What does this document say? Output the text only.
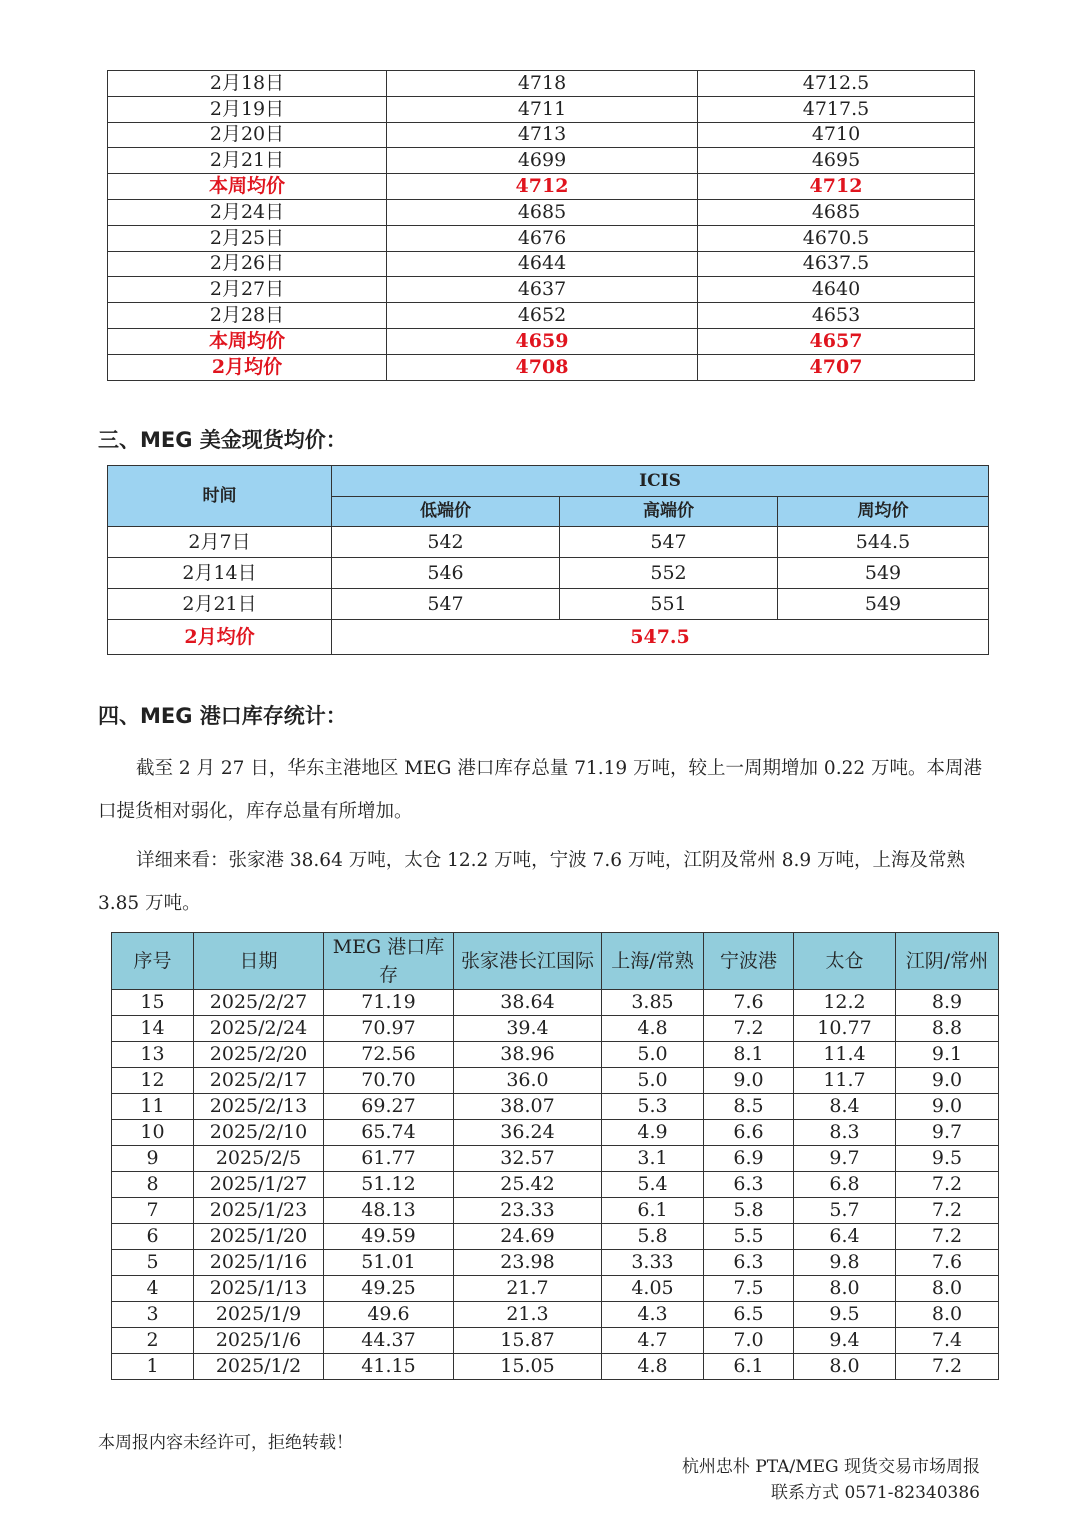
2月18日	4718	4712.5
2月19日	4711	4717.5
2月20日	4713	4710
2月21日	4699	4695
本周均价	4712	4712
2月24日	4685	4685
2月25日	4676	4670.5
2月26日	4644	4637.5
2月27日	4637	4640
2月28日	4652	4653
本周均价	4659	4657
2月均价	4708	4707
三、MEG 美金现货均价：
时间	ICIS		
	低端价	高端价	周均价
2月7日	542	547	544.5
2月14日	546	552	549
2月21日	547	551	549
2月均价	547.5		
四、MEG 港口库存统计：
截至 2 月 27 日，华东主港地区 MEG 港口库存总量 71.19 万吨，较上一周期增加 0.22 万吨。本周港口提货相对弱化，库存总量有所增加。
详细来看：张家港 38.64 万吨，太仓 12.2 万吨，宁波 7.6 万吨，江阴及常州 8.9 万吨，上海及常熟 3.85 万吨。
序号	日期	MEG 港口库存	张家港长江国际	上海/常熟	宁波港	太仓	江阴/常州
15	2025/2/27	71.19	38.64	3.85	7.6	12.2	8.9
14	2025/2/24	70.97	39.4	4.8	7.2	10.77	8.8
13	2025/2/20	72.56	38.96	5.0	8.1	11.4	9.1
12	2025/2/17	70.70	36.0	5.0	9.0	11.7	9.0
11	2025/2/13	69.27	38.07	5.3	8.5	8.4	9.0
10	2025/2/10	65.74	36.24	4.9	6.6	8.3	9.7
9	2025/2/5	61.77	32.57	3.1	6.9	9.7	9.5
8	2025/1/27	51.12	25.42	5.4	6.3	6.8	7.2
7	2025/1/23	48.13	23.33	6.1	5.8	5.7	7.2
6	2025/1/20	49.59	24.69	5.8	5.5	6.4	7.2
5	2025/1/16	51.01	23.98	3.33	6.3	9.8	7.6
4	2025/1/13	49.25	21.7	4.05	7.5	8.0	8.0
3	2025/1/9	49.6	21.3	4.3	6.5	9.5	8.0
2	2025/1/6	44.37	15.87	4.7	7.0	9.4	7.4
1	2025/1/2	41.15	15.05	4.8	6.1	8.0	7.2
本周报内容未经许可，拒绝转载！
杭州忠朴 PTA/MEG 现货交易市场周报
联系方式 0571-82340386
